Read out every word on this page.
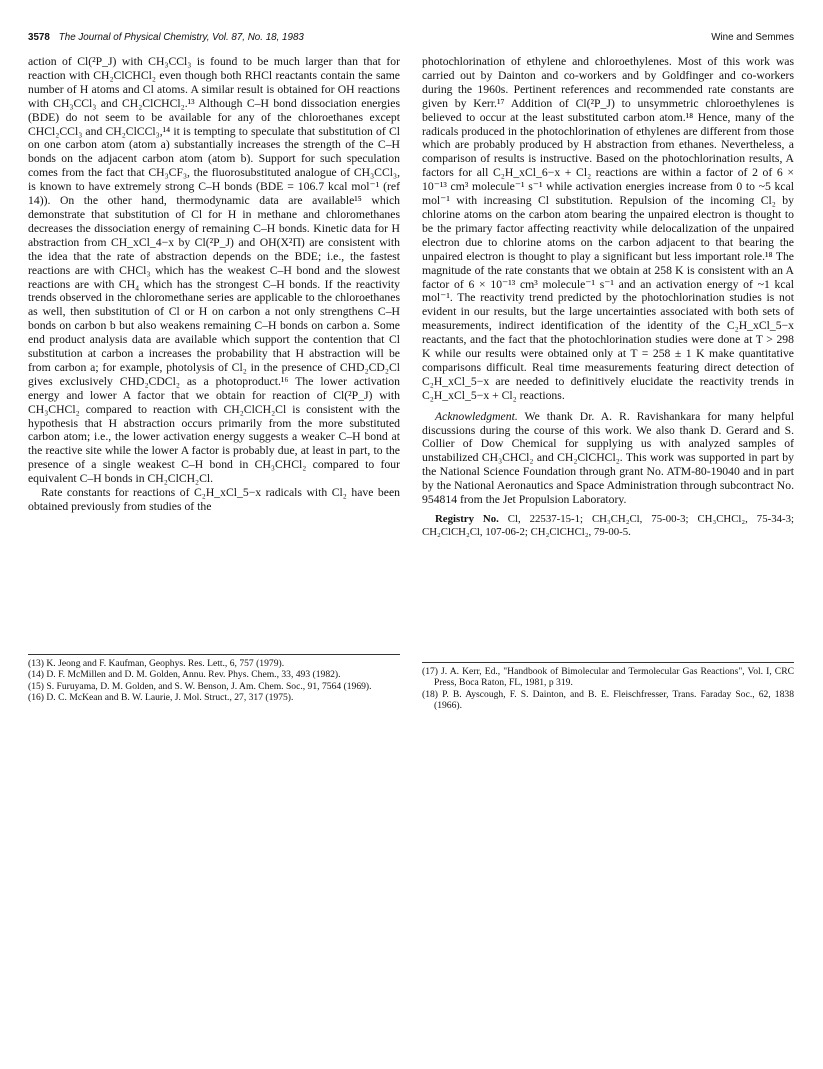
3578 The Journal of Physical Chemistry, Vol. 87, No. 18, 1983	Wine and Semmes

action of Cl(²P_J) with CH₃CCl₃ is found to be much larger than that for reaction with CH₂ClCHCl₂ even though both RHCl reactants contain the same number of H atoms and Cl atoms. A similar result is obtained for OH reactions with CH₃CCl₃ and CH₂ClCHCl₂.¹³ Although C–H bond dissociation energies (BDE) do not seem to be available for any of the chloroethanes except CHCl₂CCl₃ and CH₂ClCCl₃,¹⁴ it is tempting to speculate that substitution of Cl on one carbon atom (atom a) substantially increases the strength of the C–H bonds on the adjacent carbon atom (atom b). Support for such speculation comes from the fact that CH₃CF₃, the fluorosubstituted analogue of CH₃CCl₃, is known to have extremely strong C–H bonds (BDE = 106.7 kcal mol⁻¹ (ref 14)). On the other hand, thermodynamic data are available¹⁵ which demonstrate that substitution of Cl for H in methane and chloromethanes decreases the dissociation energy of remaining C–H bonds. Kinetic data for H abstraction from CH_xCl_4−x by Cl(²P_J) and OH(X²Π) are consistent with the idea that the rate of abstraction depends on the BDE; i.e., the fastest reactions are with CHCl₃ which has the weakest C–H bond and the slowest reactions are with CH₄ which has the strongest C–H bonds. If the reactivity trends observed in the chloromethane series are applicable to the chloroethanes as well, then substitution of Cl or H on carbon a not only strengthens C–H bonds on carbon b but also weakens remaining C–H bonds on carbon a. Some end product analysis data are available which support the contention that Cl substitution at carbon a increases the probability that H abstraction will be from carbon a; for example, photolysis of Cl₂ in the presence of CHD₂CD₂Cl gives exclusively CHD₂CDCl₂ as a photoproduct.¹⁶ The lower activation energy and lower A factor that we obtain for reaction of Cl(²P_J) with CH₃CHCl₂ compared to reaction with CH₂ClCH₂Cl is consistent with the hypothesis that H abstraction occurs primarily from the more substituted carbon atom; i.e., the lower activation energy suggests a weaker C–H bond at the reactive site while the lower A factor is probably due, at least in part, to the presence of a single weakest C–H bond in CH₃CHCl₂ compared to four equivalent C–H bonds in CH₂ClCH₂Cl.

Rate constants for reactions of C₂H_xCl_5−x radicals with Cl₂ have been obtained previously from studies of the

photochlorination of ethylene and chloroethylenes. Most of this work was carried out by Dainton and co-workers and by Goldfinger and co-workers during the 1960s. Pertinent references and recommended rate constants are given by Kerr.¹⁷ Addition of Cl(²P_J) to unsymmetric chloroethylenes is believed to occur at the least substituted carbon atom.¹⁸ Hence, many of the radicals produced in the photochlorination of ethylenes are different from those which are probably produced by H abstraction from ethanes. Nevertheless, a comparison of results is instructive. Based on the photochlorination results, A factors for all C₂H_xCl_6−x + Cl₂ reactions are within a factor of 2 of 6 × 10⁻¹³ cm³ molecule⁻¹ s⁻¹ while activation energies increase from 0 to ~5 kcal mol⁻¹ with increasing Cl substitution. Repulsion of the incoming Cl₂ by chlorine atoms on the carbon atom bearing the unpaired electron is thought to be the primary factor affecting reactivity while delocalization of the unpaired electron due to chlorine atoms on the carbon adjacent to that bearing the unpaired electron is thought to play a significant but less important role.¹⁸ The magnitude of the rate constants that we obtain at 258 K is consistent with an A factor of 6 × 10⁻¹³ cm³ molecule⁻¹ s⁻¹ and an activation energy of ~1 kcal mol⁻¹. The reactivity trend predicted by the photochlorination studies is not evident in our results, but the large uncertainties associated with both sets of measurements, indirect identification of the identity of the C₂H_xCl_5−x reactants, and the fact that the photochlorination studies were done at T > 298 K while our results were obtained only at T = 258 ± 1 K make quantitative comparisons difficult. Real time measurements featuring direct detection of C₂H_xCl_5−x are needed to definitively elucidate the reactivity trends in C₂H_xCl_5−x + Cl₂ reactions.

Acknowledgment. We thank Dr. A. R. Ravishankara for many helpful discussions during the course of this work. We also thank D. Gerard and S. Collier of Dow Chemical for supplying us with analyzed samples of unstabilized CH₃CHCl₂ and CH₂ClCHCl₂. This work was supported in part by the National Science Foundation through grant No. ATM-80-19040 and in part by the National Aeronautics and Space Administration through subcontract No. 954814 from the Jet Propulsion Laboratory.

Registry No. Cl, 22537-15-1; CH₃CH₂Cl, 75-00-3; CH₃CHCl₂, 75-34-3; CH₂ClCH₂Cl, 107-06-2; CH₂ClCHCl₂, 79-00-5.

(13) K. Jeong and F. Kaufman, Geophys. Res. Lett., 6, 757 (1979).

(14) D. F. McMillen and D. M. Golden, Annu. Rev. Phys. Chem., 33, 493 (1982).

(15) S. Furuyama, D. M. Golden, and S. W. Benson, J. Am. Chem. Soc., 91, 7564 (1969).

(16) D. C. McKean and B. W. Laurie, J. Mol. Struct., 27, 317 (1975).

(17) J. A. Kerr, Ed., "Handbook of Bimolecular and Termolecular Gas Reactions", Vol. I, CRC Press, Boca Raton, FL, 1981, p 319.

(18) P. B. Ayscough, F. S. Dainton, and B. E. Fleischfresser, Trans. Faraday Soc., 62, 1838 (1966).
